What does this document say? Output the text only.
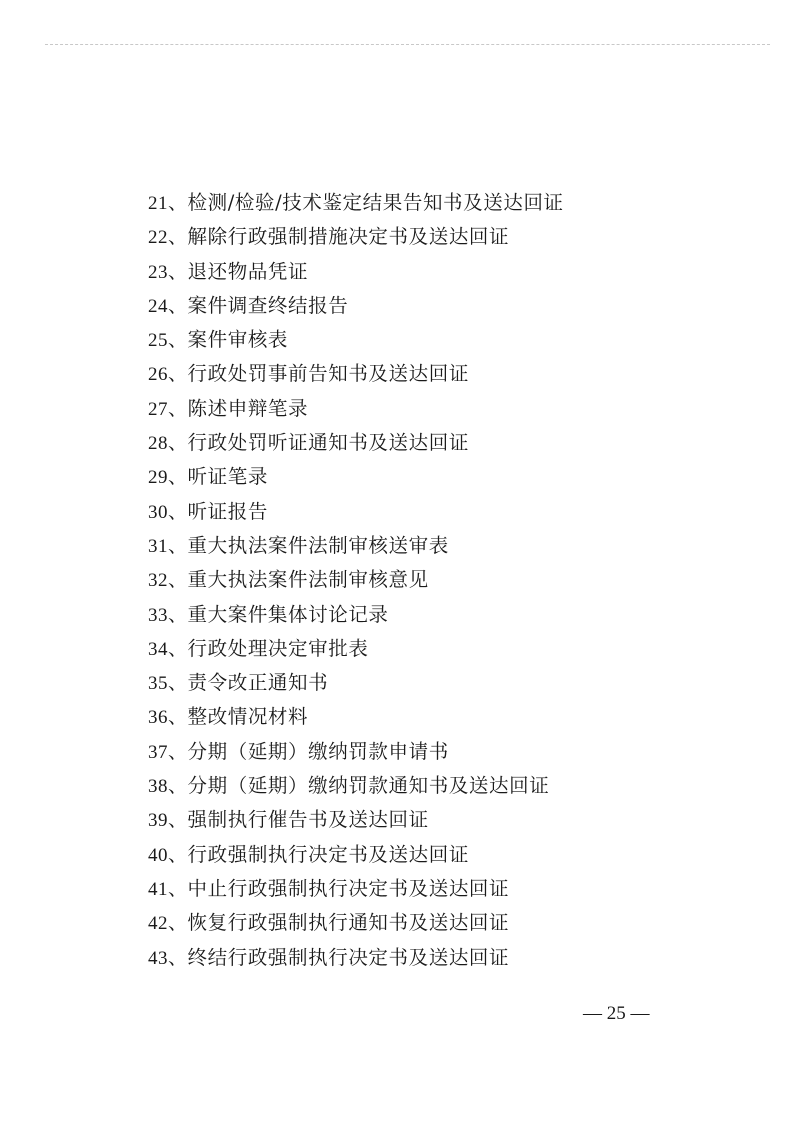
21、检测/检验/技术鉴定结果告知书及送达回证
22、解除行政强制措施决定书及送达回证
23、退还物品凭证
24、案件调查终结报告
25、案件审核表
26、行政处罚事前告知书及送达回证
27、陈述申辩笔录
28、行政处罚听证通知书及送达回证
29、听证笔录
30、听证报告
31、重大执法案件法制审核送审表
32、重大执法案件法制审核意见
33、重大案件集体讨论记录
34、行政处理决定审批表
35、责令改正通知书
36、整改情况材料
37、分期（延期）缴纳罚款申请书
38、分期（延期）缴纳罚款通知书及送达回证
39、强制执行催告书及送达回证
40、行政强制执行决定书及送达回证
41、中止行政强制执行决定书及送达回证
42、恢复行政强制执行通知书及送达回证
43、终结行政强制执行决定书及送达回证
— 25 —
